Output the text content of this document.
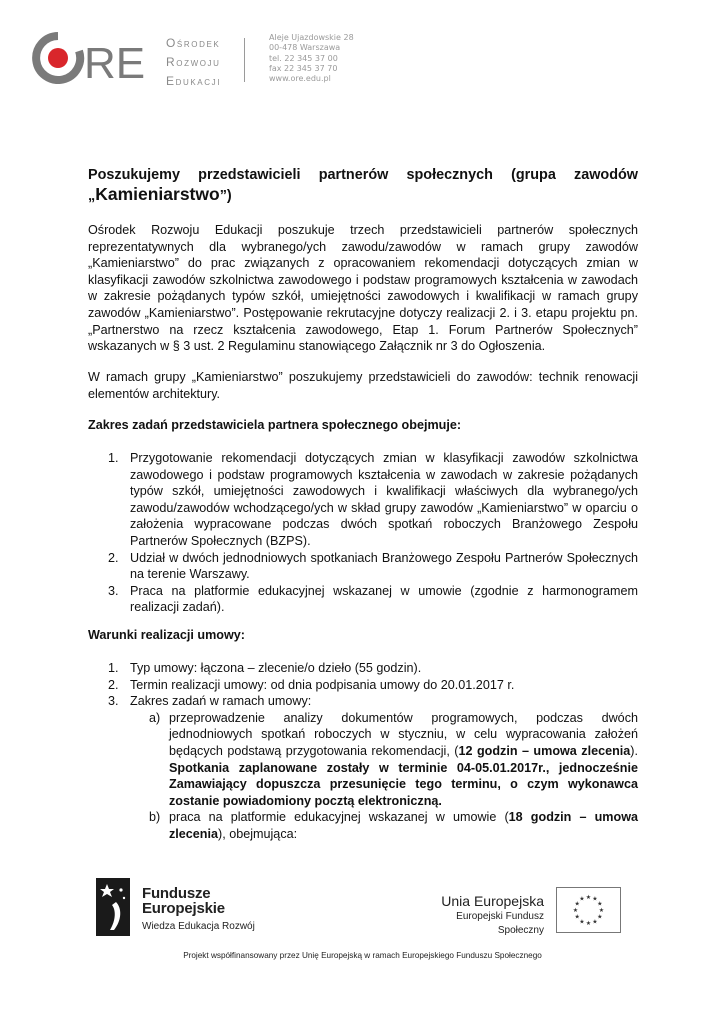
RE Ośrodek
Rozwoju
Edukacji
Aleje Ujazdowskie 28
00-478 Warszawa
tel. 22 345 37 00
fax 22 345 37 70
www.ore.edu.pl
Poszukujemy przedstawicieli partnerów społecznych (grupa zawodów
„Kamieniarstwo”)

Ośrodek Rozwoju Edukacji poszukuje trzech przedstawicieli partnerów społecznych reprezentatywnych dla wybranego/ych zawodu/zawodów w ramach grupy zawodów „Kamieniarstwo” do prac związanych z opracowaniem rekomendacji dotyczących zmian w klasyfikacji zawodów szkolnictwa zawodowego i podstaw programowych kształcenia w zawodach w zakresie pożądanych typów szkół, umiejętności zawodowych i kwalifikacji w ramach grupy zawodów „Kamieniarstwo”. Postępowanie rekrutacyjne dotyczy realizacji 2. i 3. etapu projektu pn. „Partnerstwo na rzecz kształcenia zawodowego, Etap 1. Forum Partnerów Społecznych” wskazanych w § 3 ust. 2 Regulaminu stanowiącego Załącznik nr 3 do Ogłoszenia.

W ramach grupy „Kamieniarstwo” poszukujemy przedstawicieli do zawodów: technik renowacji elementów architektury.

Zakres zadań przedstawiciela partnera społecznego obejmuje:
1. Przygotowanie rekomendacji dotyczących zmian w klasyfikacji zawodów szkolnictwa zawodowego i podstaw programowych kształcenia w zawodach w zakresie pożądanych typów szkół, umiejętności zawodowych i kwalifikacji właściwych dla wybranego/ych zawodu/zawodów wchodzącego/ych w skład grupy zawodów „Kamieniarstwo” w oparciu o założenia wypracowane podczas dwóch spotkań roboczych Branżowego Zespołu Partnerów Społecznych (BZPS).

2. Udział w dwóch jednodniowych spotkaniach Branżowego Zespołu Partnerów Społecznych na terenie Warszawy.

3. Praca na platformie edukacyjnej wskazanej w umowie (zgodnie z harmonogramem realizacji zadań).

Warunki realizacji umowy:
1. Typ umowy: łączona – zlecenie/o dzieło (55 godzin).

2. Termin realizacji umowy: od dnia podpisania umowy do 20.01.2017 r.

3. Zakres zadań w ramach umowy:

a) przeprowadzenie analizy dokumentów programowych, podczas dwóch jednodniowych spotkań roboczych w styczniu, w celu wypracowania założeń będących podstawą przygotowania rekomendacji, (12 godzin – umowa zlecenia). Spotkania zaplanowane zostały w terminie 04-05.01.2017r., jednocześnie Zamawiający dopuszcza przesunięcie tego terminu, o czym wykonawca zostanie powiadomiony pocztą elektroniczną.

b) praca na platformie edukacyjnej wskazanej w umowie (18 godzin – umowa zlecenia), obejmująca:

Fundusze
Europejskie
Wiedza Edukacja Rozwój
Unia Europejska
Europejski Fundusz Społeczny
★ ★
★
★
★
★
★
★
★
★
★
★
Projekt współfinansowany przez Unię Europejską w ramach Europejskiego Funduszu Społecznego
